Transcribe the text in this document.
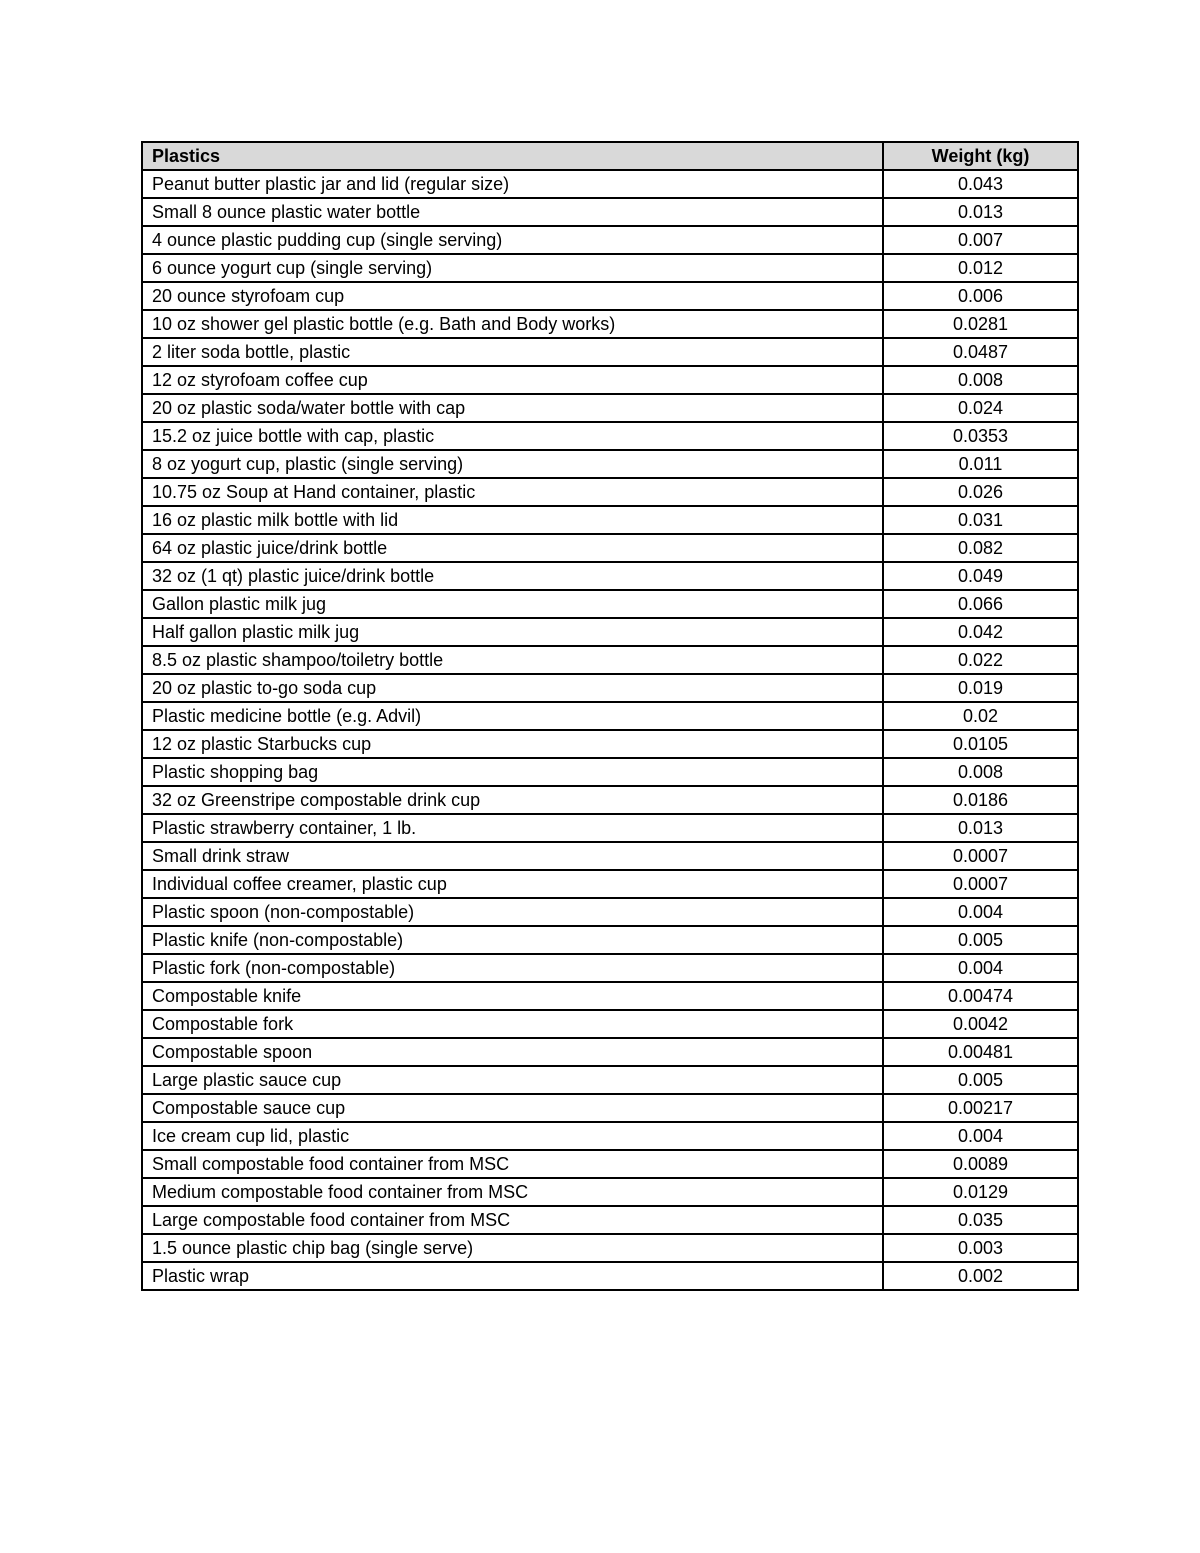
Plastics	Weight (kg)
Peanut butter plastic jar and lid (regular size)	0.043
Small 8 ounce plastic water bottle	0.013
4 ounce plastic pudding cup (single serving)	0.007
6 ounce yogurt cup (single serving)	0.012
20 ounce styrofoam cup	0.006
10 oz shower gel plastic bottle (e.g. Bath and Body works)	0.0281
2 liter soda bottle, plastic	0.0487
12 oz styrofoam coffee cup	0.008
20 oz plastic soda/water bottle with cap	0.024
15.2 oz juice bottle with cap, plastic	0.0353
8 oz yogurt cup, plastic (single serving)	0.011
10.75 oz Soup at Hand container, plastic	0.026
16 oz plastic milk bottle with lid	0.031
64 oz plastic juice/drink bottle	0.082
32 oz (1 qt) plastic juice/drink bottle	0.049
Gallon plastic milk jug	0.066
Half gallon plastic milk jug	0.042
8.5 oz plastic shampoo/toiletry bottle	0.022
20 oz plastic to-go soda cup	0.019
Plastic medicine bottle (e.g. Advil)	0.02
12 oz plastic Starbucks cup	0.0105
Plastic shopping bag	0.008
32 oz Greenstripe compostable drink cup	0.0186
Plastic strawberry container, 1 lb.	0.013
Small drink straw	0.0007
Individual coffee creamer, plastic cup	0.0007
Plastic spoon (non-compostable)	0.004
Plastic knife (non-compostable)	0.005
Plastic fork (non-compostable)	0.004
Compostable knife	0.00474
Compostable fork	0.0042
Compostable spoon	0.00481
Large plastic sauce cup	0.005
Compostable sauce cup	0.00217
Ice cream cup lid, plastic	0.004
Small compostable food container from MSC	0.0089
Medium compostable food container from MSC	0.0129
Large compostable food container from MSC	0.035
1.5 ounce plastic chip bag (single serve)	0.003
Plastic wrap	0.002
